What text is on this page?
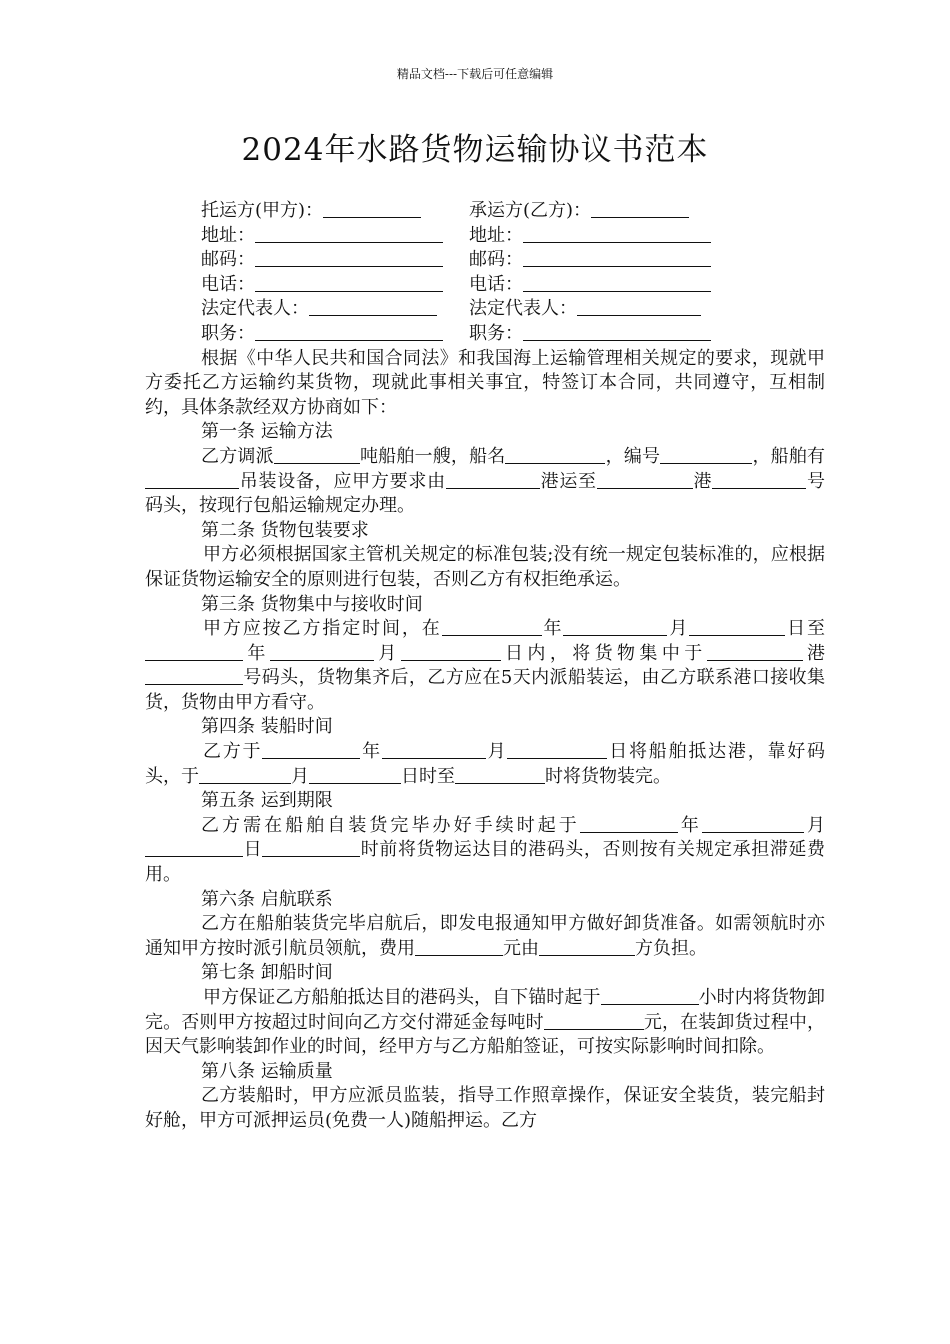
精品文档---下载后可任意编辑
2024年水路货物运输协议书范本
托运方(甲方)：	承运方(乙方)：
地址：	地址：
邮码：	邮码：
电话：	电话：
法定代表人：	法定代表人：
职务：	职务：

根据《中华人民共和国合同法》和我国海上运输管理相关规定的要求，现就甲方委托乙方运输约某货物，现就此事相关事宜，特签订本合同，共同遵守，互相制约，具体条款经双方协商如下：

第一条 运输方法

乙方调派	吨船舶一艘，船名	，编号	，船舶有吊装设备，应甲方要求由	港运至	港	号码头，按现行包船运输规定办理。

第二条 货物包装要求

甲方必须根据国家主管机关规定的标准包装;没有统一规定包装标准的，应根据保证货物运输安全的原则进行包装，否则乙方有权拒绝承运。

第三条 货物集中与接收时间

甲方应按乙方指定时间，在	年	月	日至年	月	日内，将货物集中于	港号码头，货物集齐后，乙方应在5天内派船装运，由乙方联系港口接收集货，货物由甲方看守。

第四条 装船时间

乙方于	年	月	日将船舶抵达港，靠好码头，于	月	日时至	时将货物装完。

第五条 运到期限

乙方需在船舶自装货完毕办好手续时起于	年	月日	时前将货物运达目的港码头，否则按有关规定承担滞延费用。

第六条 启航联系

乙方在船舶装货完毕启航后，即发电报通知甲方做好卸货准备。如需领航时亦通知甲方按时派引航员领航，费用	元由	方负担。

第七条 卸船时间

甲方保证乙方船舶抵达目的港码头，自下锚时起于	小时内将货物卸完。否则甲方按超过时间向乙方交付滞延金每吨时	元，在装卸货过程中，因天气影响装卸作业的时间，经甲方与乙方船舶签证，可按实际影响时间扣除。

第八条 运输质量

乙方装船时，甲方应派员监装，指导工作照章操作，保证安全装货，装完船封好舱，甲方可派押运员(免费一人)随船押运。乙方
